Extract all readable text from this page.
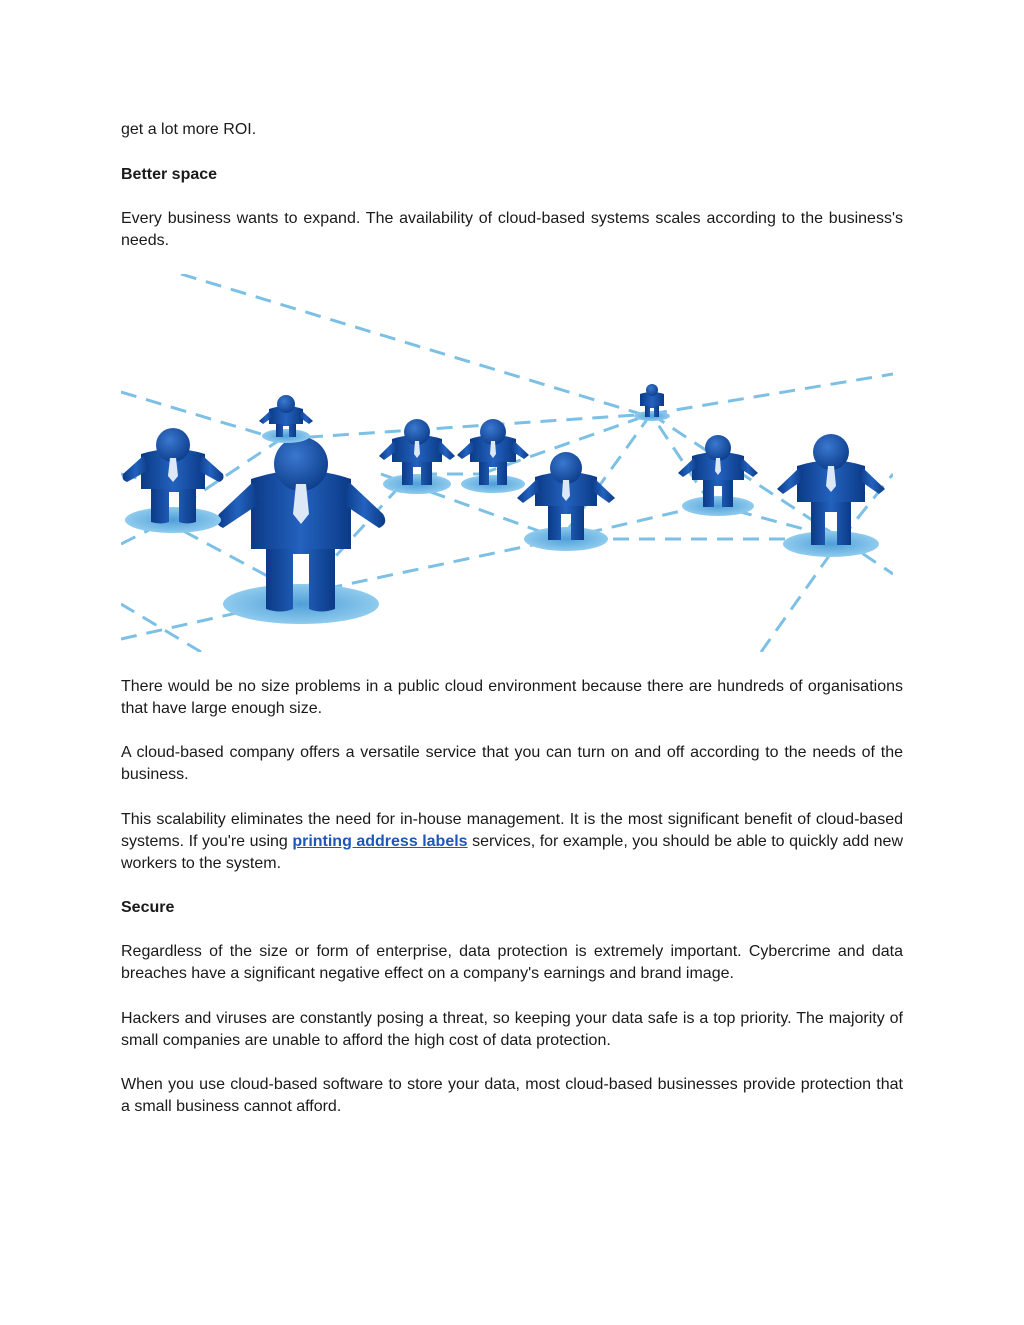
get a lot more ROI.

Better space

Every business wants to expand. The availability of cloud-based systems scales according to the business's needs.

There would be no size problems in a public cloud environment because there are hundreds of organisations that have large enough size.

A cloud-based company offers a versatile service that you can turn on and off according to the needs of the business.

This scalability eliminates the need for in-house management. It is the most significant benefit of cloud-based systems. If you're using printing address labels services, for example, you should be able to quickly add new workers to the system.

Secure

Regardless of the size or form of enterprise, data protection is extremely important. Cybercrime and data breaches have a significant negative effect on a company's earnings and brand image.

Hackers and viruses are constantly posing a threat, so keeping your data safe is a top priority. The majority of small companies are unable to afford the high cost of data protection.

When you use cloud-based software to store your data, most cloud-based businesses provide protection that a small business cannot afford.
